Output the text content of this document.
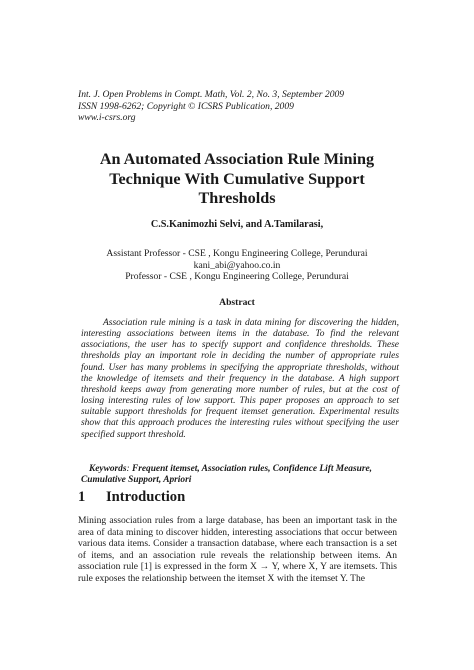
Int. J. Open Problems in Compt. Math, Vol. 2, No. 3, September 2009
ISSN 1998-6262; Copyright © ICSRS Publication, 2009
www.i-csrs.org
An Automated Association Rule Mining
Technique With Cumulative Support
Thresholds
C.S.Kanimozhi Selvi, and A.Tamilarasi,
Assistant Professor - CSE , Kongu Engineering College, Perundurai
kani_abi@yahoo.co.in
Professor - CSE , Kongu Engineering College, Perundurai
Abstract

Association rule mining is a task in data mining for discovering the hidden, interesting associations between items in the database. To find the relevant associations, the user has to specify support and confidence thresholds. These thresholds play an important role in deciding the number of appropriate rules found. User has many problems in specifying the appropriate thresholds, without the knowledge of itemsets and their frequency in the database. A high support threshold keeps away from generating more number of rules, but at the cost of losing interesting rules of low support. This paper proposes an approach to set suitable support thresholds for frequent itemset generation. Experimental results show that this approach produces the interesting rules without specifying the user specified support threshold.

Keywords: Frequent itemset, Association rules, Confidence Lift Measure, Cumulative Support, Apriori

1 Introduction

Mining association rules from a large database, has been an important task in the area of data mining to discover hidden, interesting associations that occur between various data items. Consider a transaction database, where each transaction is a set of items, and an association rule reveals the relationship between items. An association rule [1] is expressed in the form X → Y, where X, Y are itemsets. This rule exposes the relationship between the itemset X with the itemset Y. The
